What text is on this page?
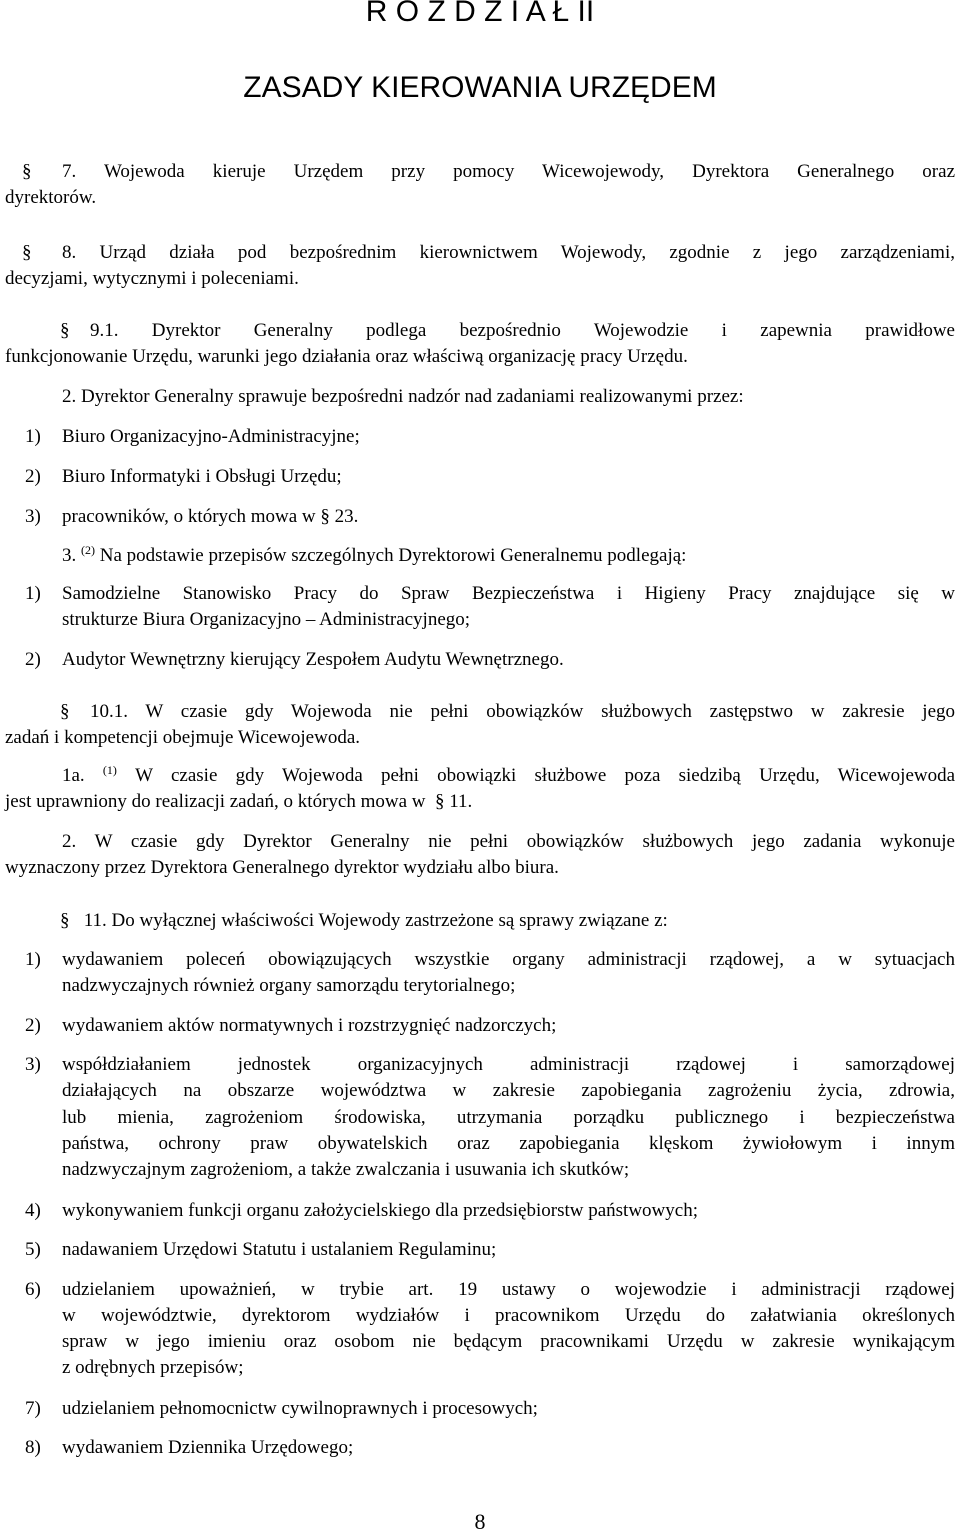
R O Z D Z I A Ł II
ZASADY KIEROWANIA URZĘDEM
§ 7. Wojewoda kieruje Urzędem przy pomocy Wicewojewody, Dyrektora Generalnego oraz
dyrektorów.
§ 8. Urząd działa pod bezpośrednim kierownictwem Wojewody, zgodnie z jego zarządzeniami,
decyzjami, wytycznymi i poleceniami.
§ 9.1. Dyrektor Generalny podlega bezpośrednio Wojewodzie i zapewnia prawidłowe
funkcjonowanie Urzędu, warunki jego działania oraz właściwą organizację pracy Urzędu.
2. Dyrektor Generalny sprawuje bezpośredni nadzór nad zadaniami realizowanymi przez:
1) Biuro Organizacyjno-Administracyjne;
2) Biuro Informatyki i Obsługi Urzędu;
3) pracowników, o których mowa w § 23.
3. $^{(2)}$ Na podstawie przepisów szczególnych Dyrektorowi Generalnemu podlegają:
1) Samodzielne Stanowisko Pracy do Spraw Bezpieczeństwa i Higieny Pracy znajdujące się w
strukturze Biura Organizacyjno – Administracyjnego;
2) Audytor Wewnętrzny kierujący Zespołem Audytu Wewnętrznego.
§ 10.1. W czasie gdy Wojewoda nie pełni obowiązków służbowych zastępstwo w zakresie jego
zadań i kompetencji obejmuje Wicewojewoda.
1a. $^{(1)}$ W czasie gdy Wojewoda pełni obowiązki służbowe poza siedzibą Urzędu, Wicewojewoda
jest uprawniony do realizacji zadań, o których mowa w § 11.
2. W czasie gdy Dyrektor Generalny nie pełni obowiązków służbowych jego zadania wykonuje
wyznaczony przez Dyrektora Generalnego dyrektor wydziału albo biura.
§ 11. Do wyłącznej właściwości Wojewody zastrzeżone są sprawy związane z:
1) wydawaniem poleceń obowiązujących wszystkie organy administracji rządowej, a w sytuacjach
nadzwyczajnych również organy samorządu terytorialnego;
2) wydawaniem aktów normatywnych i rozstrzygnięć nadzorczych;
3) współdziałaniem jednostek organizacyjnych administracji rządowej i samorządowej
działających na obszarze województwa w zakresie zapobiegania zagrożeniu życia, zdrowia,
lub mienia, zagrożeniom środowiska, utrzymania porządku publicznego i bezpieczeństwa
państwa, ochrony praw obywatelskich oraz zapobiegania klęskom żywiołowym i innym
nadzwyczajnym zagrożeniom, a także zwalczania i usuwania ich skutków;
4) wykonywaniem funkcji organu założycielskiego dla przedsiębiorstw państwowych;
5) nadawaniem Urzędowi Statutu i ustalaniem Regulaminu;
6) udzielaniem upoważnień, w trybie art. 19 ustawy o wojewodzie i administracji rządowej
w województwie, dyrektorom wydziałów i pracownikom Urzędu do załatwiania określonych
spraw w jego imieniu oraz osobom nie będącym pracownikami Urzędu w zakresie wynikającym
z odrębnych przepisów;
7) udzielaniem pełnomocnictw cywilnoprawnych i procesowych;
8) wydawaniem Dziennika Urzędowego;
8
